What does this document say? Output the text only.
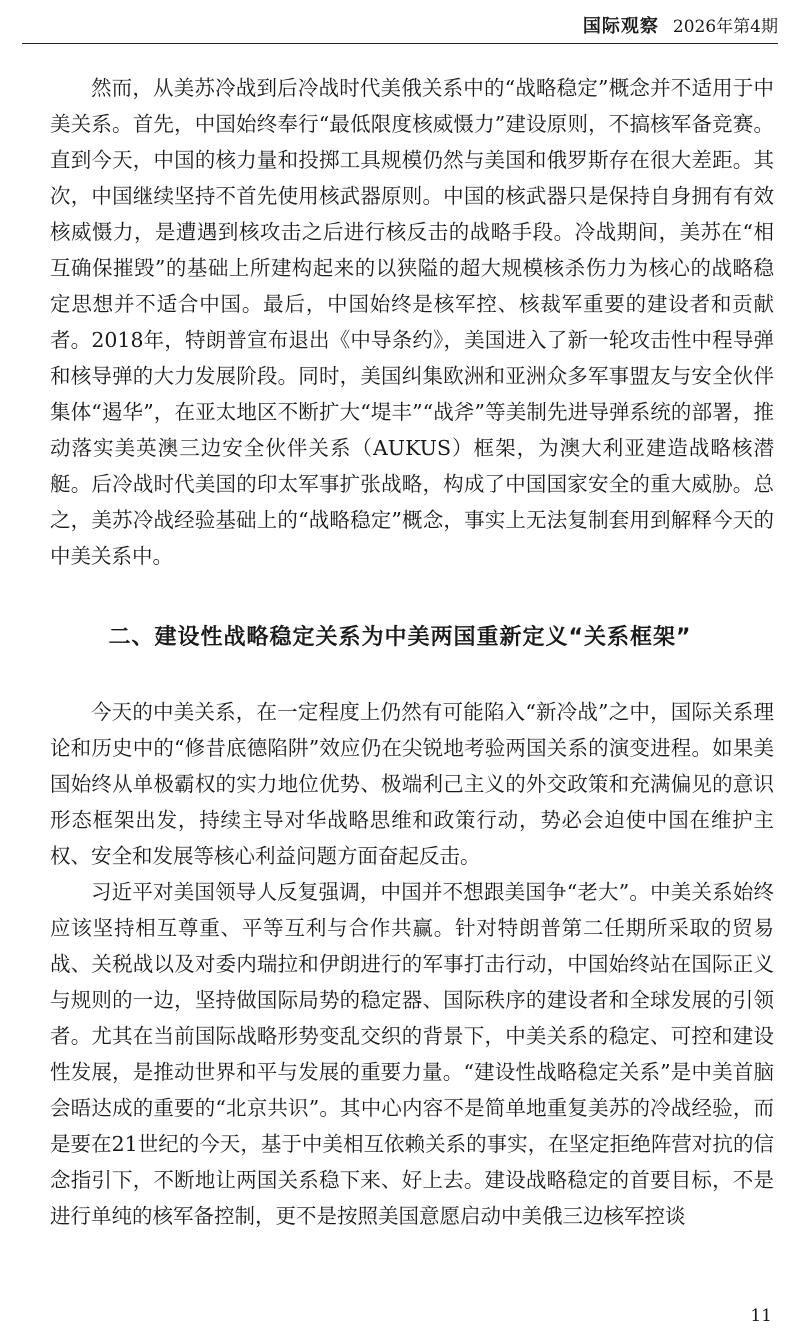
国际观察 2026年第4期

然而，从美苏冷战到后冷战时代美俄关系中的“战略稳定”概念并不适用于中美关系。首先，中国始终奉行“最低限度核威慑力”建设原则，不搞核军备竞赛。直到今天，中国的核力量和投掷工具规模仍然与美国和俄罗斯存在很大差距。其次，中国继续坚持不首先使用核武器原则。中国的核武器只是保持自身拥有有效核威慑力，是遭遇到核攻击之后进行核反击的战略手段。冷战期间，美苏在“相互确保摧毁”的基础上所建构起来的以狭隘的超大规模核杀伤力为核心的战略稳定思想并不适合中国。最后，中国始终是核军控、核裁军重要的建设者和贡献者。2018年，特朗普宣布退出《中导条约》，美国进入了新一轮攻击性中程导弹和核导弹的大力发展阶段。同时，美国纠集欧洲和亚洲众多军事盟友与安全伙伴集体“遏华”，在亚太地区不断扩大“堤丰”“战斧”等美制先进导弹系统的部署，推动落实美英澳三边安全伙伴关系（AUKUS）框架，为澳大利亚建造战略核潜艇。后冷战时代美国的印太军事扩张战略，构成了中国国家安全的重大威胁。总之，美苏冷战经验基础上的“战略稳定”概念，事实上无法复制套用到解释今天的中美关系中。

二、建设性战略稳定关系为中美两国重新定义“关系框架”

今天的中美关系，在一定程度上仍然有可能陷入“新冷战”之中，国际关系理论和历史中的“修昔底德陷阱”效应仍在尖锐地考验两国关系的演变进程。如果美国始终从单极霸权的实力地位优势、极端利己主义的外交政策和充满偏见的意识形态框架出发，持续主导对华战略思维和政策行动，势必会迫使中国在维护主权、安全和发展等核心利益问题方面奋起反击。

习近平对美国领导人反复强调，中国并不想跟美国争“老大”。中美关系始终应该坚持相互尊重、平等互利与合作共赢。针对特朗普第二任期所采取的贸易战、关税战以及对委内瑞拉和伊朗进行的军事打击行动，中国始终站在国际正义与规则的一边，坚持做国际局势的稳定器、国际秩序的建设者和全球发展的引领者。尤其在当前国际战略形势变乱交织的背景下，中美关系的稳定、可控和建设性发展，是推动世界和平与发展的重要力量。“建设性战略稳定关系”是中美首脑会晤达成的重要的“北京共识”。其中心内容不是简单地重复美苏的冷战经验，而是要在21世纪的今天，基于中美相互依赖关系的事实，在坚定拒绝阵营对抗的信念指引下，不断地让两国关系稳下来、好上去。建设战略稳定的首要目标，不是进行单纯的核军备控制，更不是按照美国意愿启动中美俄三边核军控谈

11
